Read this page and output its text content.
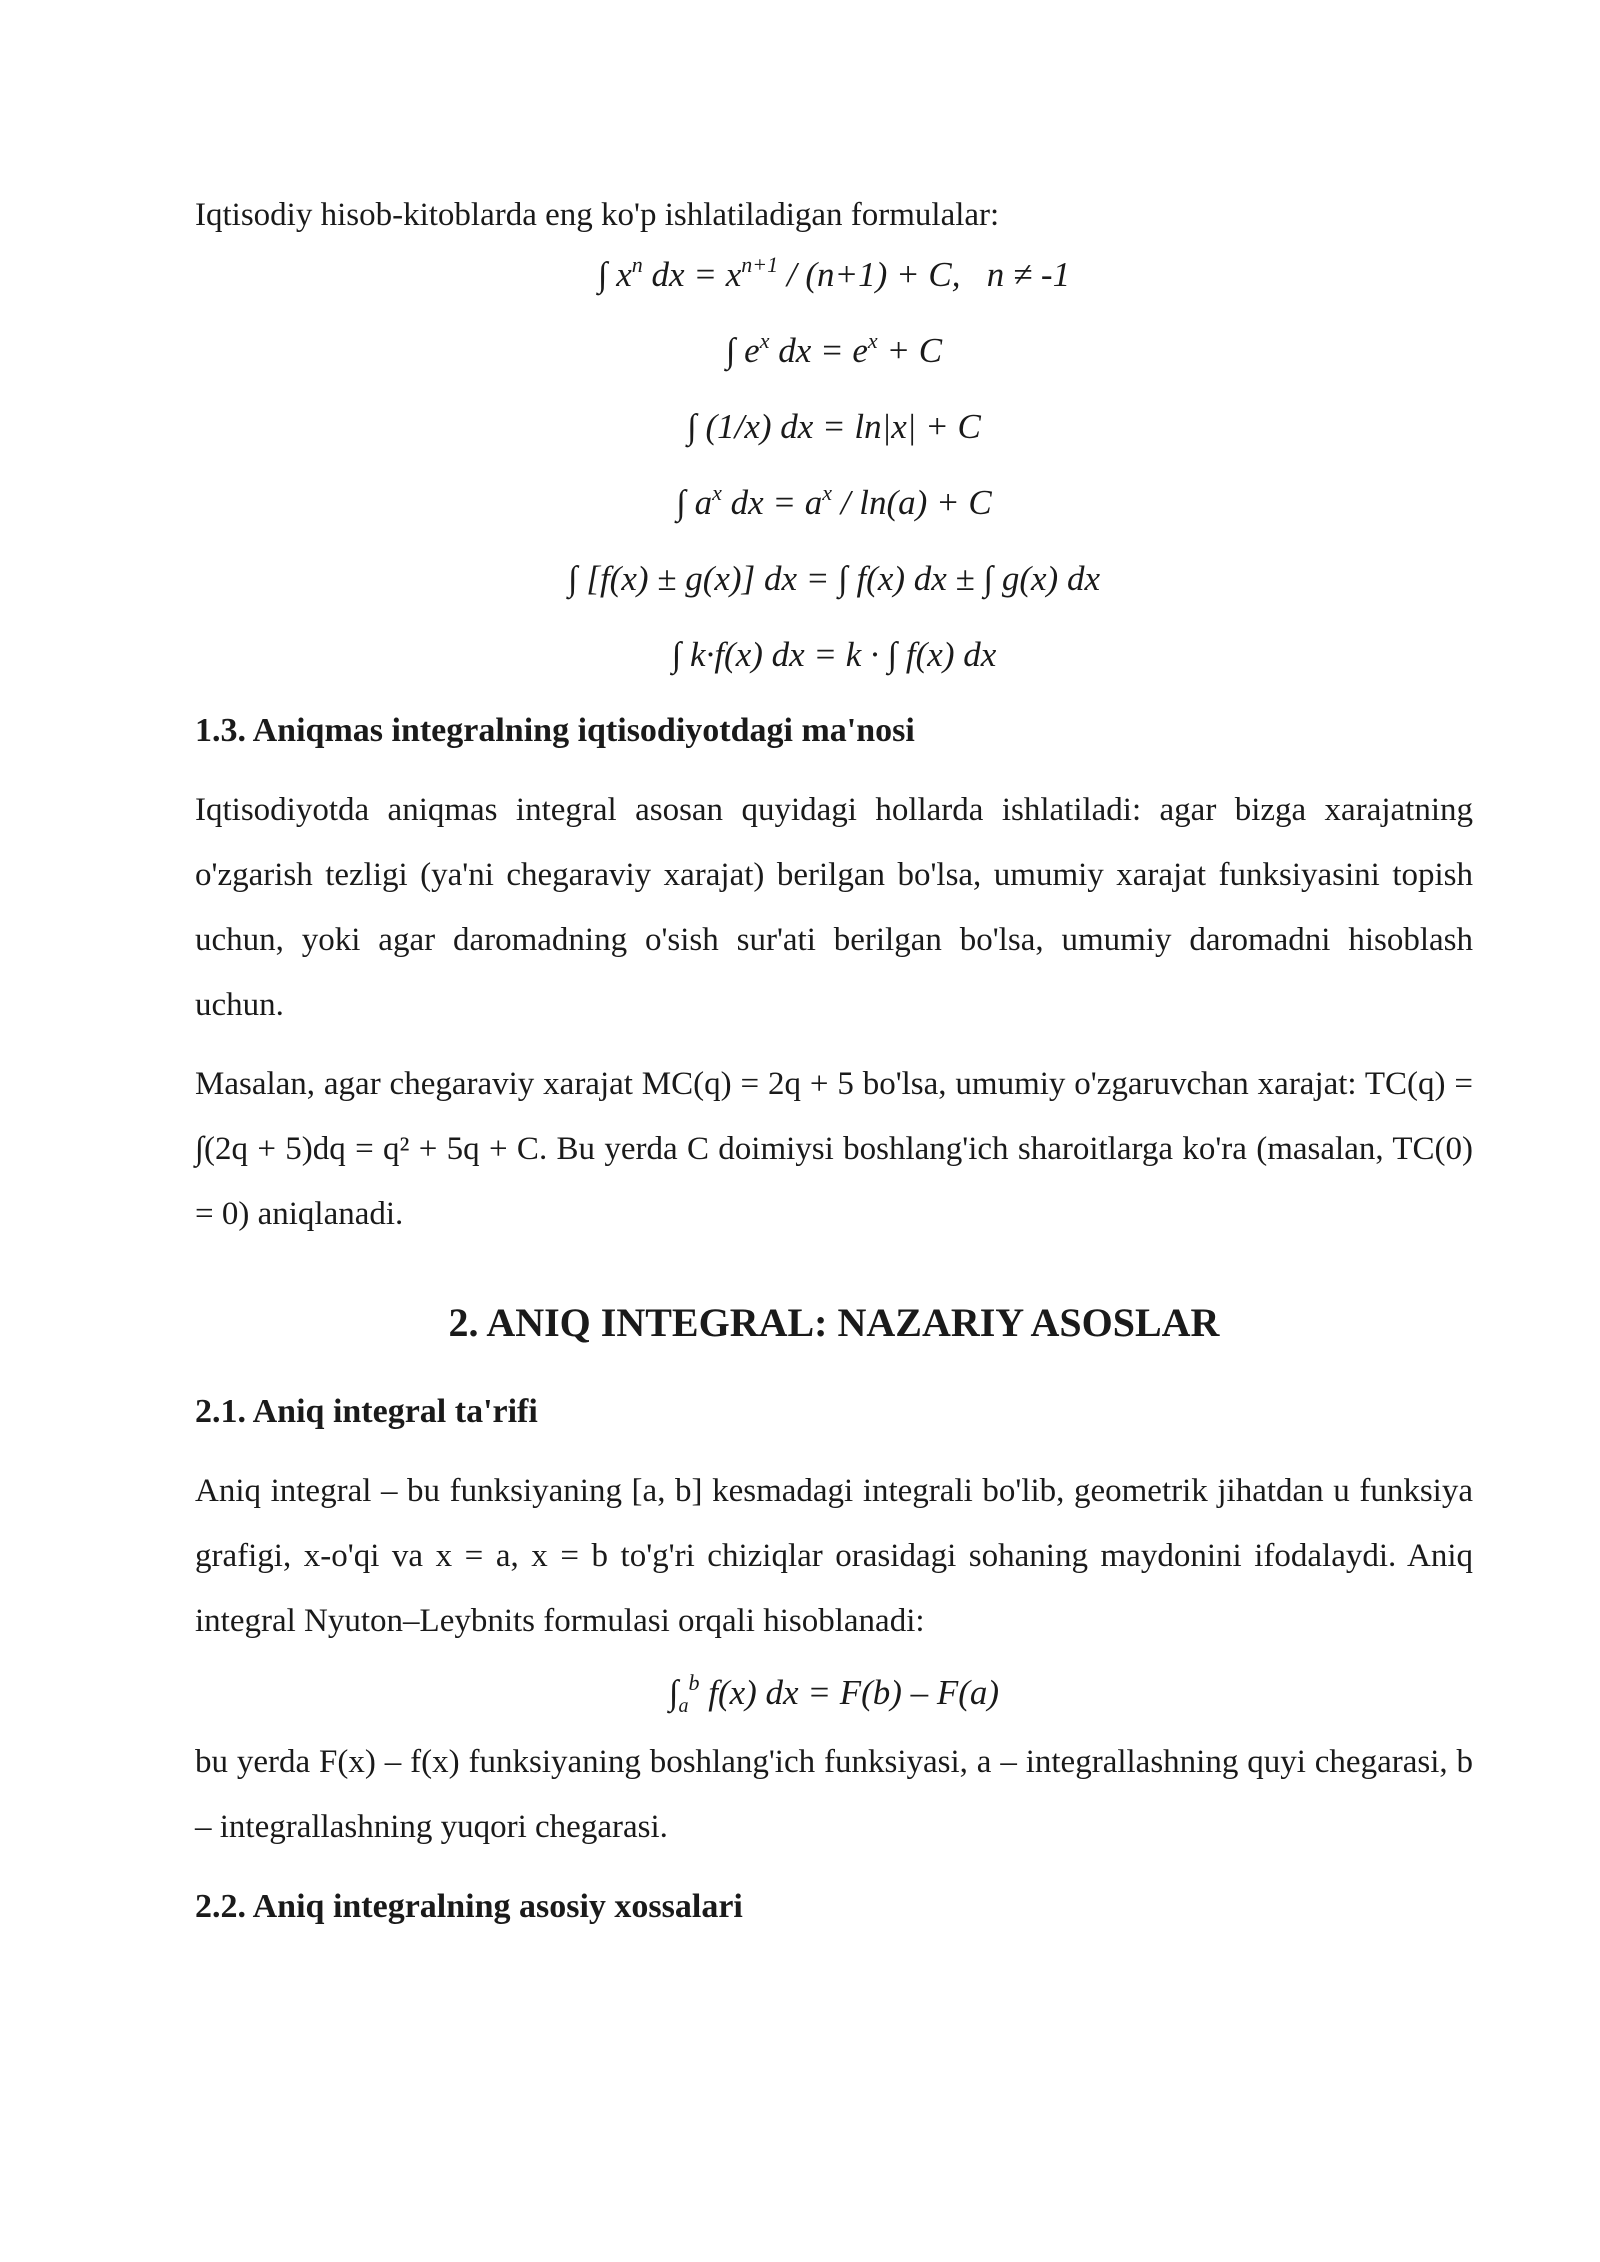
Iqtisodiy hisob-kitoblarda eng ko'p ishlatiladigan formulalar:

∫ $x^n$ dx = $x^{n+1} / (n+1) + C$,   n ≠ -1
∫ $e^x$ dx = $e^x + C$
∫ (1/x) dx = ln|x| + C
∫ $a^x$ dx = $a^x / \ln(a) + C$
∫ [f(x) ± g(x)] dx = ∫ f(x) dx ± ∫ g(x) dx
∫ k·f(x) dx = k · ∫ f(x) dx
1.3. Aniqmas integralning iqtisodiyotdagi ma'nosi

Iqtisodiyotda aniqmas integral asosan quyidagi hollarda ishlatiladi: agar bizga xarajatning o'zgarish tezligi (ya'ni chegaraviy xarajat) berilgan bo'lsa, umumiy xarajat funksiyasini topish uchun, yoki agar daromadning o'sish sur'ati berilgan bo'lsa, umumiy daromadni hisoblash uchun.

Masalan, agar chegaraviy xarajat MC(q) = 2q + 5 bo'lsa, umumiy o'zgaruvchan xarajat: TC(q) = ∫(2q + 5)dq = q² + 5q + C. Bu yerda C doimiysi boshlang'ich sharoitlarga ko'ra (masalan, TC(0) = 0) aniqlanadi.

2. ANIQ INTEGRAL: NAZARIY ASOSLAR
2.1. Aniq integral ta'rifi

Aniq integral – bu funksiyaning [a, b] kesmadagi integrali bo'lib, geometrik jihatdan u funksiya grafigi, x-o'qi va x = a, x = b to'g'ri chiziqlar orasidagi sohaning maydonini ifodalaydi. Aniq integral Nyuton–Leybnits formulasi orqali hisoblanadi:

$\int_a^b$ f(x) dx = F(b) – F(a)

bu yerda F(x) – f(x) funksiyaning boshlang'ich funksiyasi, a – integrallashning quyi chegarasi, b – integrallashning yuqori chegarasi.

2.2. Aniq integralning asosiy xossalari
